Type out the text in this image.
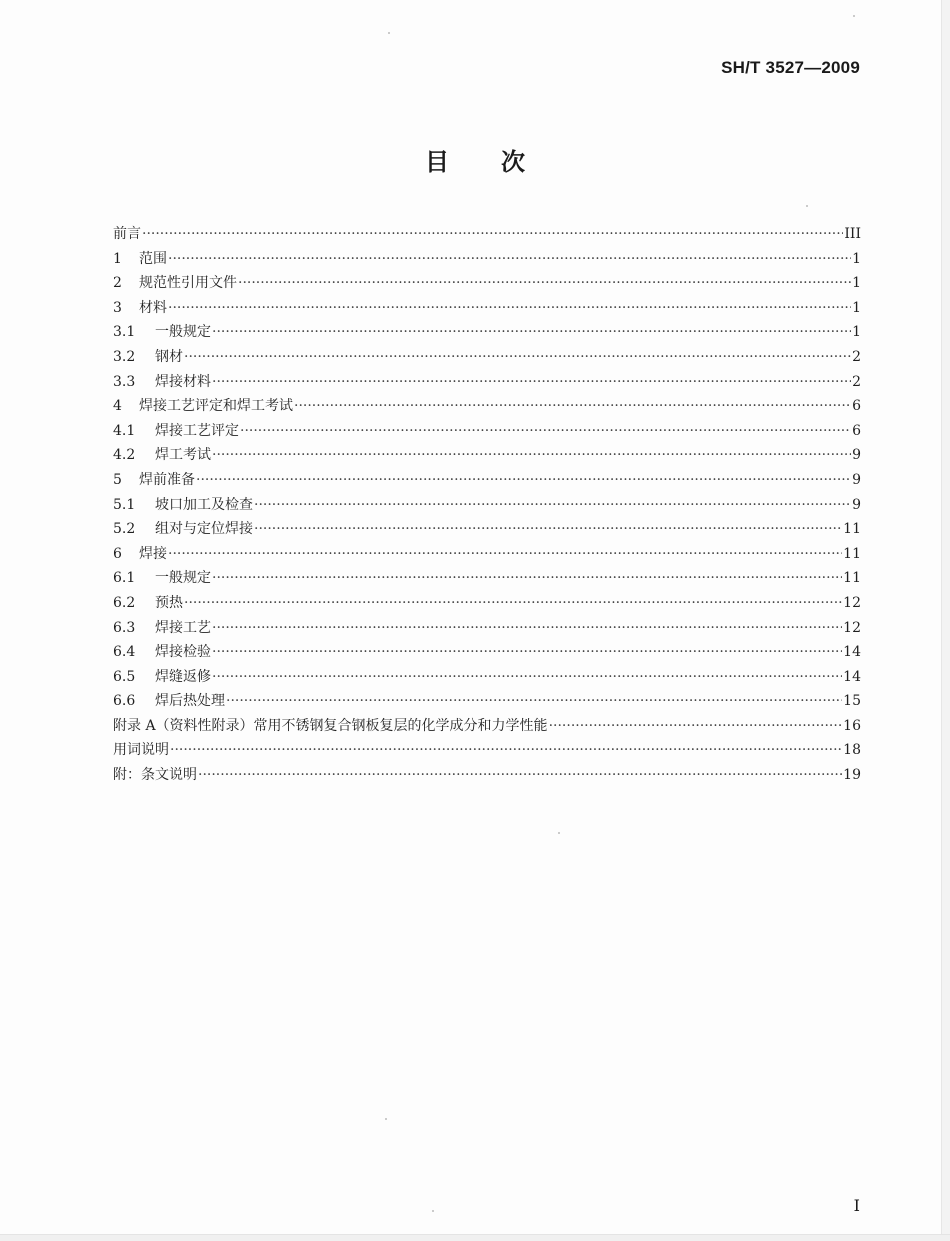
SH/T 3527—2009
目次
前言 ·····	III
1	范围 ·····	1
2	规范性引用文件 ·····	1
3	材料 ·····	1
3.1	一般规定 ·····	1
3.2	钢材 ·····	2
3.3	焊接材料 ·····	2
4	焊接工艺评定和焊工考试 ·····	6
4.1	焊接工艺评定 ·····	6
4.2	焊工考试 ·····	9
5	焊前准备 ·····	9
5.1	坡口加工及检查 ·····	9
5.2	组对与定位焊接 ·····	11
6	焊接 ·····	11
6.1	一般规定 ·····	11
6.2	预热 ·····	12
6.3	焊接工艺 ·····	12
6.4	焊接检验 ·····	14
6.5	焊缝返修 ·····	14
6.6	焊后热处理 ·····	15
附录 A（资料性附录）常用不锈钢复合钢板复层的化学成分和力学性能 ·····	16
用词说明 ·····	18
附：条文说明 ·····	19
I
